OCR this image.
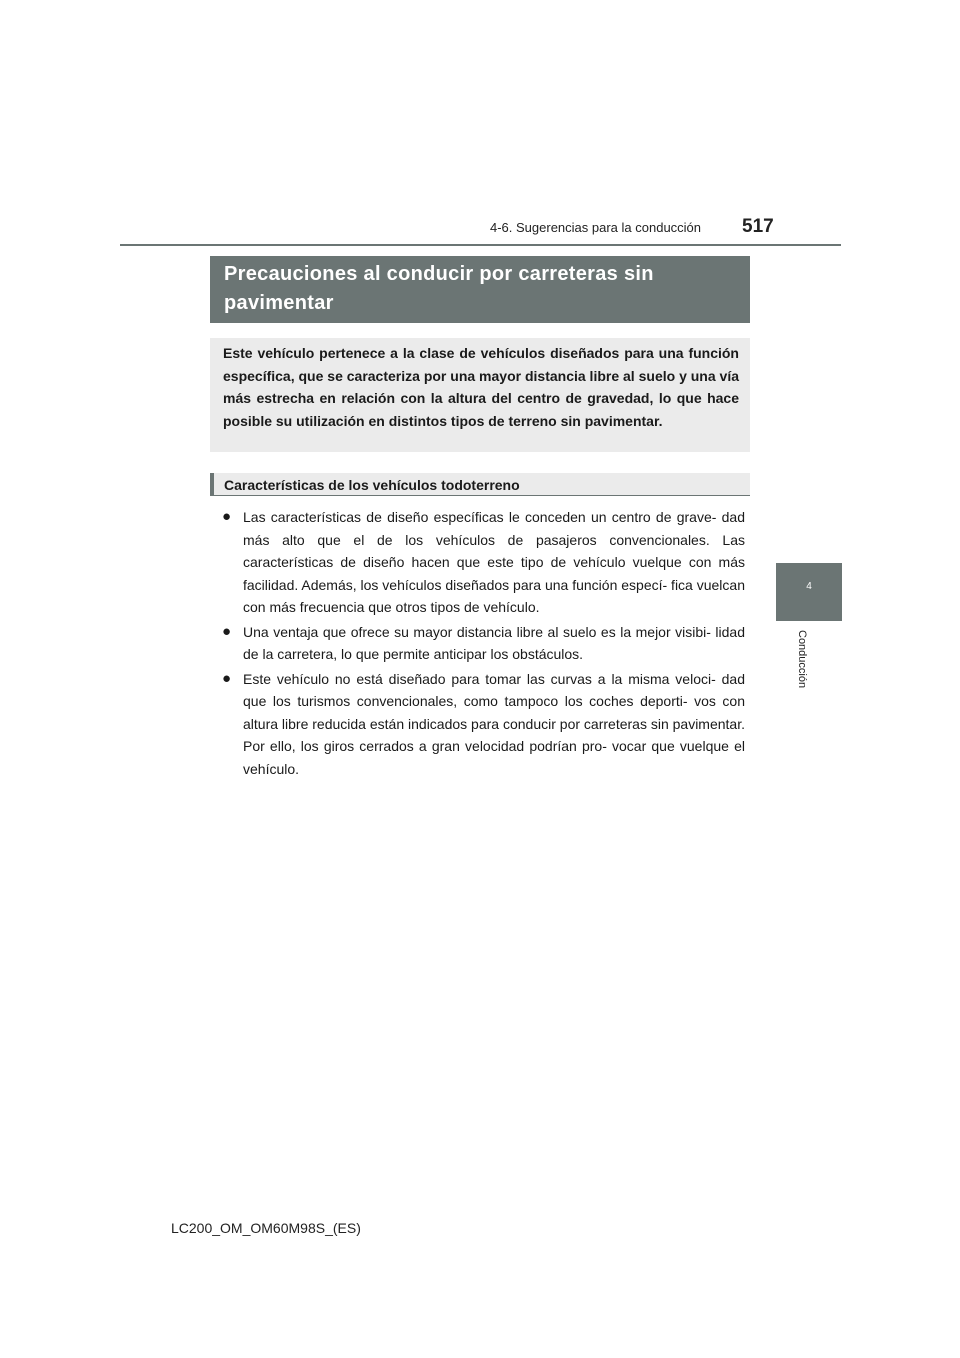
4-6. Sugerencias para la conducción 517
4
Conducción
Precauciones al conducir por carreteras sin pavimentar
Este vehículo pertenece a la clase de vehículos diseñados para una función específica, que se caracteriza por una mayor distancia libre al suelo y una vía más estrecha en relación con la altura del centro de gravedad, lo que hace posible su utilización en distintos tipos de terreno sin pavimentar.
Características de los vehículos todoterreno
● Las características de diseño específicas le conceden un centro de grave- dad más alto que el de los vehículos de pasajeros convencionales. Las características de diseño hacen que este tipo de vehículo vuelque con más facilidad. Además, los vehículos diseñados para una función especí- fica vuelcan con más frecuencia que otros tipos de vehículo.
● Una ventaja que ofrece su mayor distancia libre al suelo es la mejor visibi- lidad de la carretera, lo que permite anticipar los obstáculos.
● Este vehículo no está diseñado para tomar las curvas a la misma veloci- dad que los turismos convencionales, como tampoco los coches deporti- vos con altura libre reducida están indicados para conducir por carreteras sin pavimentar. Por ello, los giros cerrados a gran velocidad podrían pro- vocar que vuelque el vehículo.
LC200_OM_OM60M98S_(ES)
